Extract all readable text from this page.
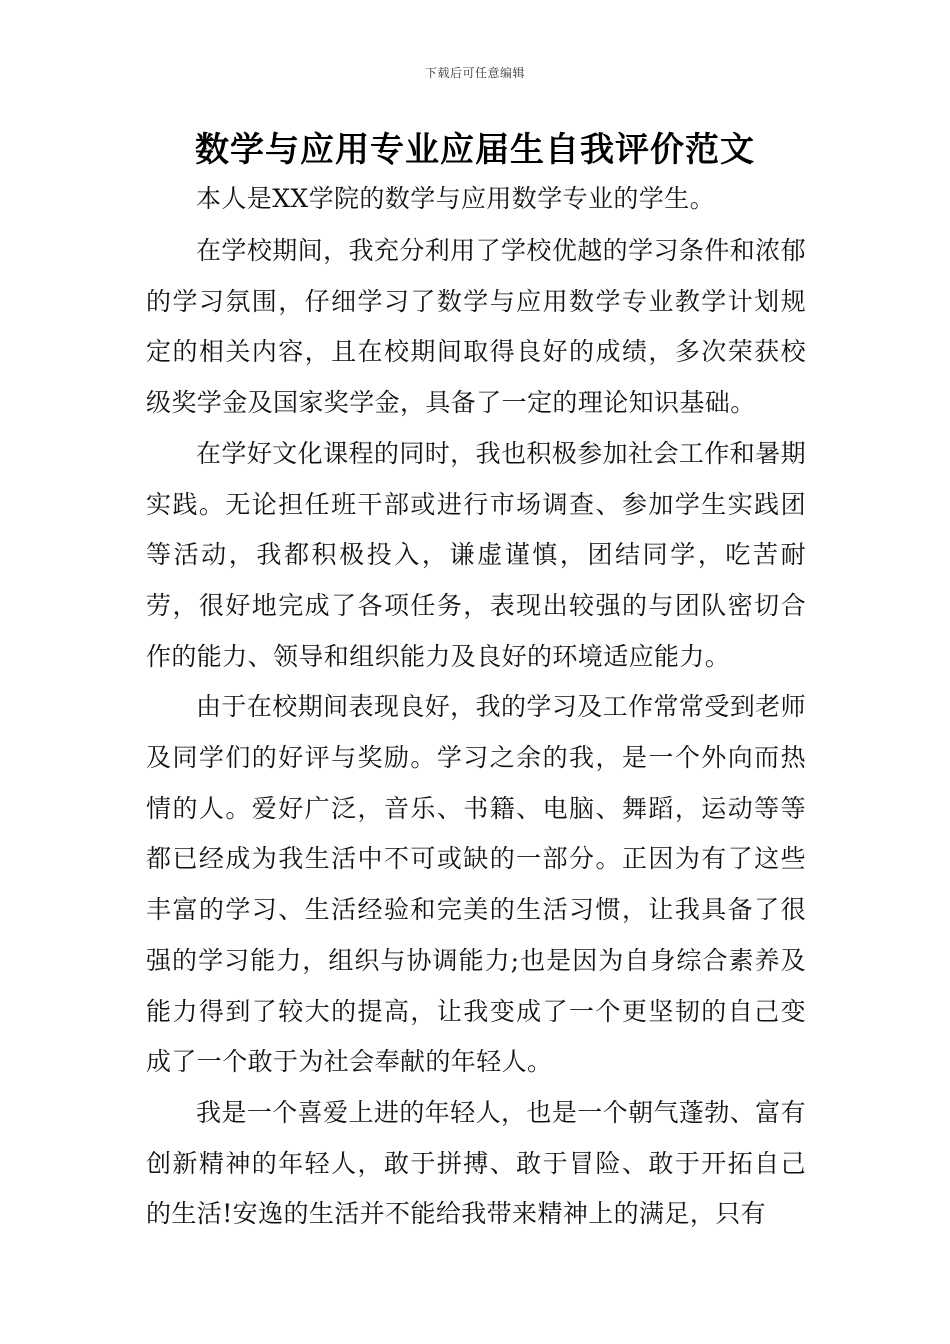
下载后可任意编辑
数学与应用专业应届生自我评价范文

本人是XX学院的数学与应用数学专业的学生。

在学校期间，我充分利用了学校优越的学习条件和浓郁的学习氛围，仔细学习了数学与应用数学专业教学计划规定的相关内容，且在校期间取得良好的成绩，多次荣获校级奖学金及国家奖学金，具备了一定的理论知识基础。

在学好文化课程的同时，我也积极参加社会工作和暑期实践。无论担任班干部或进行市场调查、参加学生实践团等活动，我都积极投入，谦虚谨慎，团结同学，吃苦耐劳，很好地完成了各项任务，表现出较强的与团队密切合作的能力、领导和组织能力及良好的环境适应能力。

由于在校期间表现良好，我的学习及工作常常受到老师及同学们的好评与奖励。学习之余的我，是一个外向而热情的人。爱好广泛，音乐、书籍、电脑、舞蹈，运动等等都已经成为我生活中不可或缺的一部分。正因为有了这些丰富的学习、生活经验和完美的生活习惯，让我具备了很强的学习能力，组织与协调能力;也是因为自身综合素养及能力得到了较大的提高，让我变成了一个更坚韧的自己变成了一个敢于为社会奉献的年轻人。

我是一个喜爱上进的年轻人，也是一个朝气蓬勃、富有创新精神的年轻人，敢于拼搏、敢于冒险、敢于开拓自己的生活!安逸的生活并不能给我带来精神上的满足，只有
